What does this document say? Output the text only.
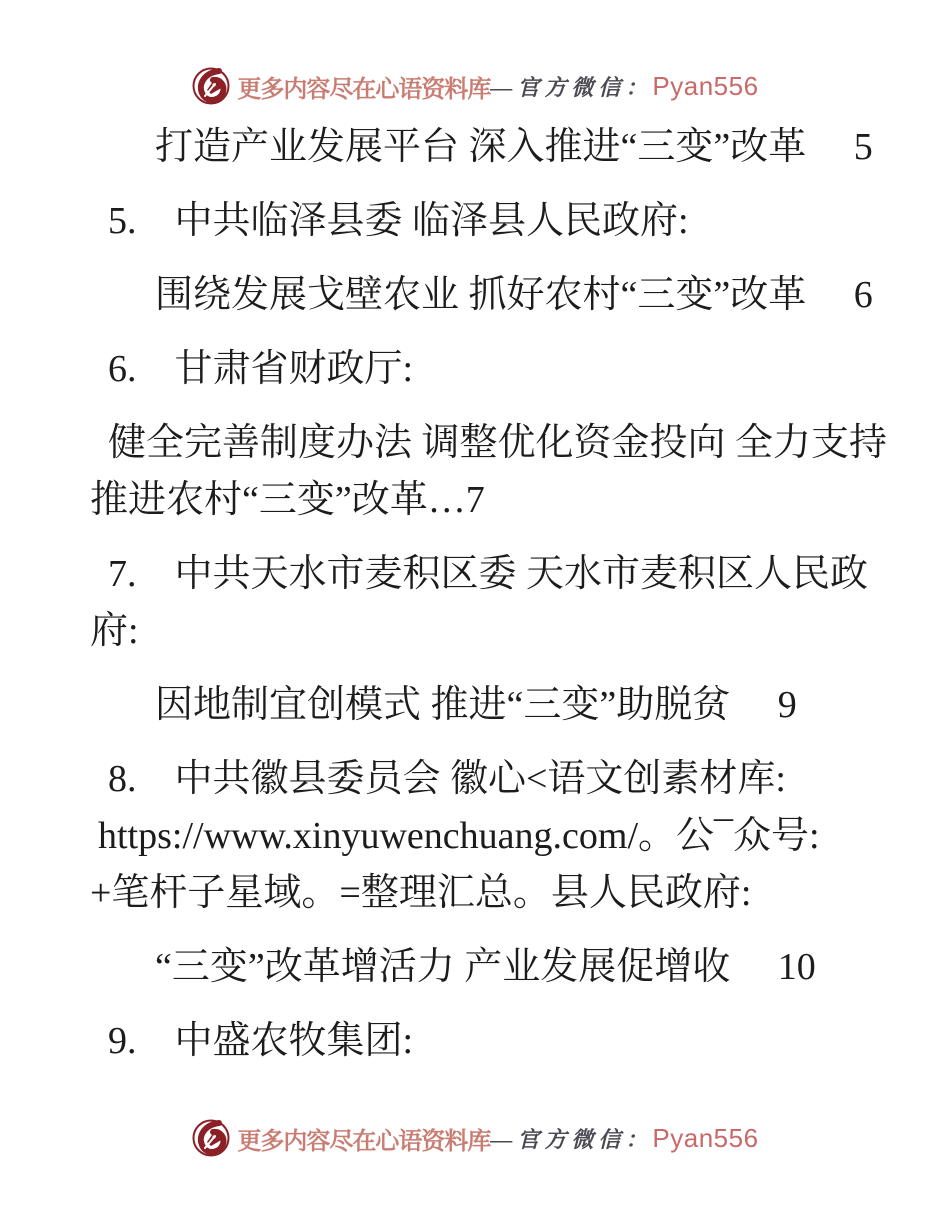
更多内容尽在心语资料库 —官方微信： Pyan556
打造产业发展平台 深入推进“三变”改革　 5
5.　中共临泽县委 临泽县人民政府:
围绕发展戈壁农业 抓好农村“三变”改革　 6
6.　甘肃省财政厅:
健全完善制度办法 调整优化资金投向 全力支持
推进农村“三变”改革…7
7.　中共天水市麦积区委 天水市麦积区人民政
府:
因地制宜创模式 推进“三变”助脱贫　 9
8.　中共徽县委员会 徽心<语文创素材库:
https://www.xinyuwenchuang.com/。公¯众号:
+笔杆子星域。=整理汇总。县人民政府:
“三变”改革增活力 产业发展促增收　 10
9.　中盛农牧集团:
更多内容尽在心语资料库 —官方微信： Pyan556
